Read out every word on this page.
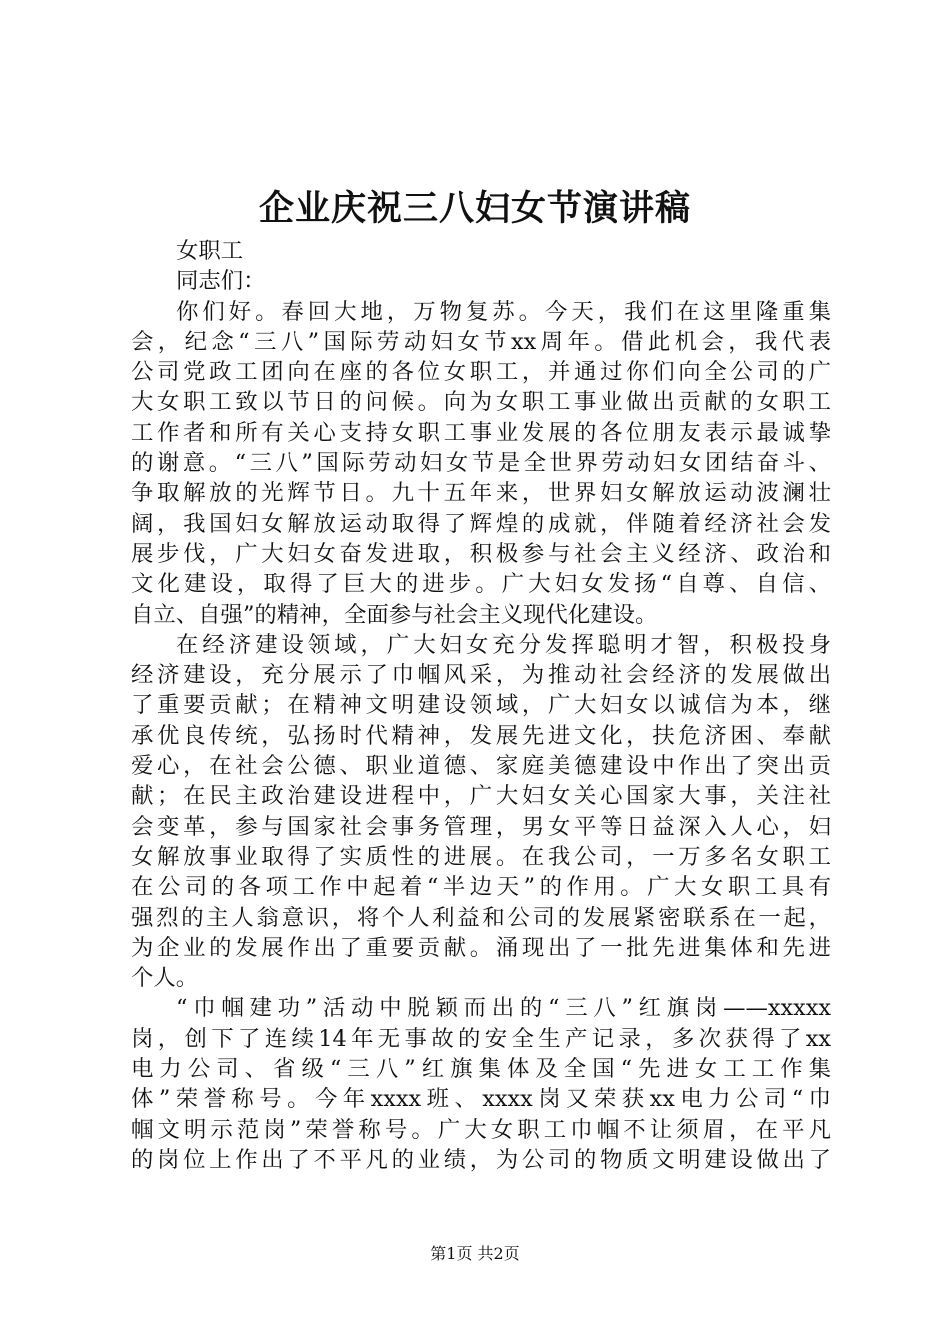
企业庆祝三八妇女节演讲稿
女职工
同志们：
你们好。春回大地，万物复苏。今天，我们在这里隆重集
会，纪念“三八”国际劳动妇女节xx周年。借此机会，我代表
公司党政工团向在座的各位女职工，并通过你们向全公司的广
大女职工致以节日的问候。向为女职工事业做出贡献的女职工
工作者和所有关心支持女职工事业发展的各位朋友表示最诚挚
的谢意。“三八”国际劳动妇女节是全世界劳动妇女团结奋斗、
争取解放的光辉节日。九十五年来，世界妇女解放运动波澜壮
阔，我国妇女解放运动取得了辉煌的成就，伴随着经济社会发
展步伐，广大妇女奋发进取，积极参与社会主义经济、政治和
文化建设，取得了巨大的进步。广大妇女发扬“自尊、自信、
自立、自强”的精神，全面参与社会主义现代化建设。
在经济建设领域，广大妇女充分发挥聪明才智，积极投身
经济建设，充分展示了巾帼风采，为推动社会经济的发展做出
了重要贡献；在精神文明建设领域，广大妇女以诚信为本，继
承优良传统，弘扬时代精神，发展先进文化，扶危济困、奉献
爱心，在社会公德、职业道德、家庭美德建设中作出了突出贡
献；在民主政治建设进程中，广大妇女关心国家大事，关注社
会变革，参与国家社会事务管理，男女平等日益深入人心，妇
女解放事业取得了实质性的进展。在我公司，一万多名女职工
在公司的各项工作中起着“半边天”的作用。广大女职工具有
强烈的主人翁意识，将个人利益和公司的发展紧密联系在一起，
为企业的发展作出了重要贡献。涌现出了一批先进集体和先进
个人。
“巾帼建功”活动中脱颖而出的“三八”红旗岗——xxxxx
岗，创下了连续14年无事故的安全生产记录，多次获得了xx
电力公司、省级“三八”红旗集体及全国“先进女工工作集
体”荣誉称号。今年xxxx班、xxxx岗又荣获xx电力公司“巾
帼文明示范岗”荣誉称号。广大女职工巾帼不让须眉，在平凡
的岗位上作出了不平凡的业绩，为公司的物质文明建设做出了
第1页 共2页
